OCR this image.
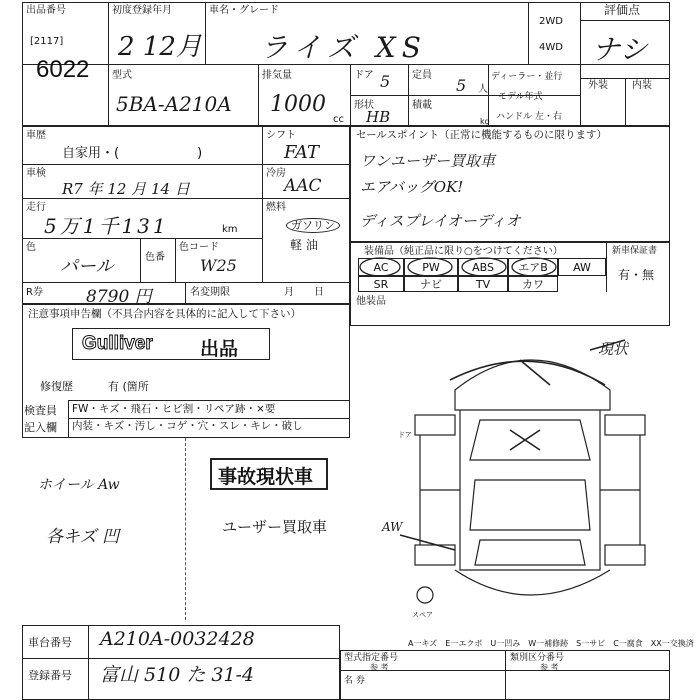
出品番号
[2117]
6022
初度登録年月
2 12月
車名・グレード
ライズ XS
2WD
4WD
評価点
ナシ
外装 内装
型式
5BA-A210A
排気量
1000
cc
ドア 5 定員
5 人
ディーラー・並行
モデル年式
ハンドル 左・右
形状
HB
積載
kg
車歴
自家用・(　　　　　　)
シフト
FAT
車検
R7 年 12 月 14 日
冷房
AAC
走行
5万1千131	km
燃料
ガソリン
軽 油
色
パール	色番
色コード
W25
R券	8790 円	名変期限	月　　日
セールスポイント（正常に機能するものに限ります）
ワンユーザー買取車
エアバッグOK!
ディスプレイオーディオ
装備品（純正品に限り○をつけてください）	新車保証書
有・無
AC	PW	ABS	エアB	AW
SR	ナビ	TV	カワ
他装品
注意事項申告欄（不具合内容を具体的に記入して下さい）
Gulliver 出品
修復歴	有 (箇所
検査員
記入欄
FW・キズ・飛石・ヒビ割・リペア跡・×要
内装・キズ・汚し・コゲ・穴・スレ・キレ・破し
ホイール Aw
各キズ 凹
事故現状車
ユーザー買取車
現状
AW
スペア
ドア
A一キズ　E一エクボ　U一凹み　W一補修跡　S一サビ　C一腐食　XX一交換済
車台番号 A210A-0032428
登録番号 富山 510 た 31-4
型式指定番号
参 考
類別区分番号
参 考
名 券
